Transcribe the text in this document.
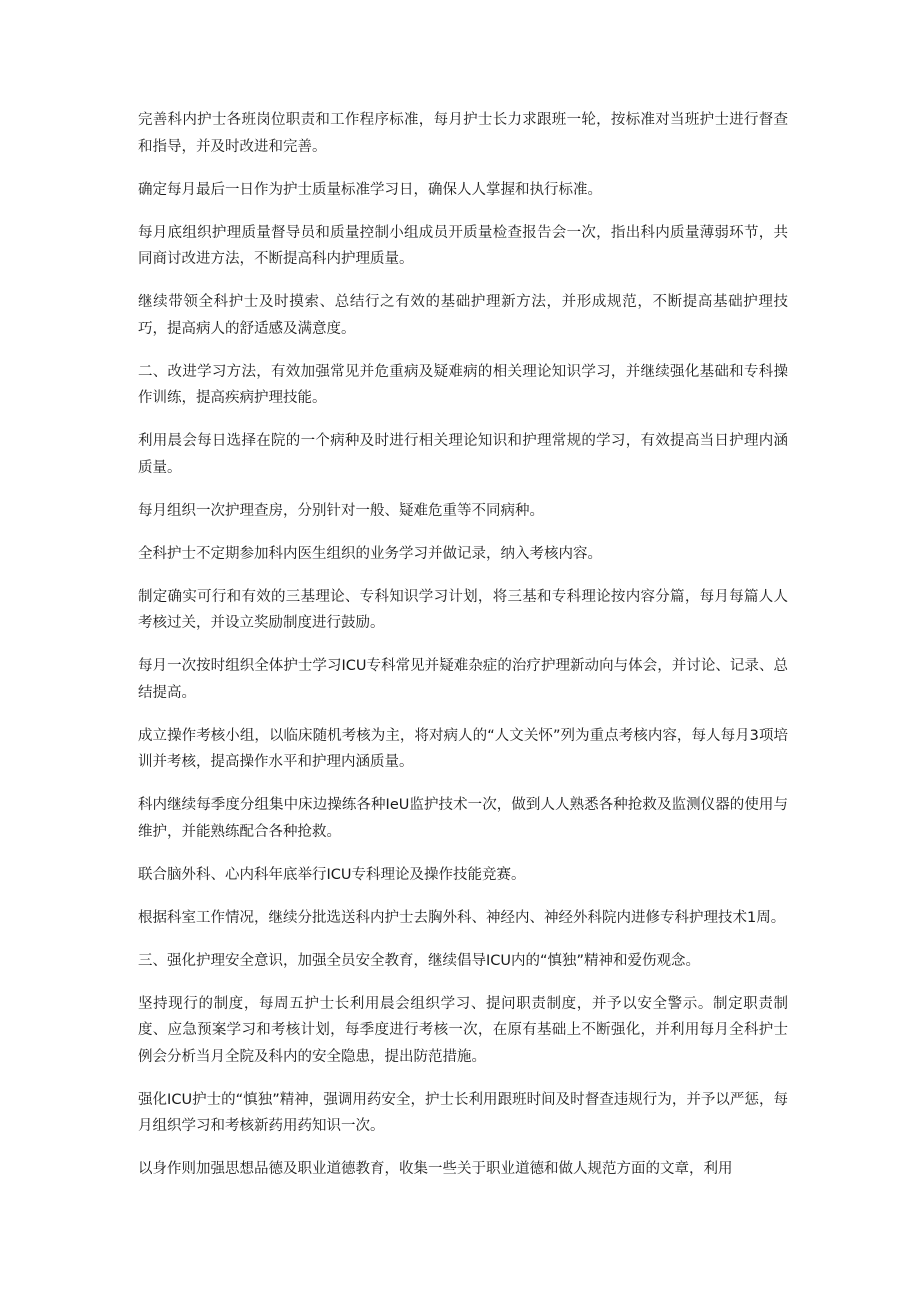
完善科内护士各班岗位职责和工作程序标准，每月护士长力求跟班一轮，按标准对当班护士进行督查和指导，并及时改进和完善。

确定每月最后一日作为护士质量标准学习日，确保人人掌握和执行标准。

每月底组织护理质量督导员和质量控制小组成员开质量检查报告会一次，指出科内质量薄弱环节，共同商讨改进方法，不断提高科内护理质量。

继续带领全科护士及时摸索、总结行之有效的基础护理新方法，并形成规范，不断提高基础护理技巧，提高病人的舒适感及满意度。

二、改进学习方法，有效加强常见并危重病及疑难病的相关理论知识学习，并继续强化基础和专科操作训练，提高疾病护理技能。

利用晨会每日选择在院的一个病种及时进行相关理论知识和护理常规的学习，有效提高当日护理内涵质量。

每月组织一次护理查房，分别针对一般、疑难危重等不同病种。

全科护士不定期参加科内医生组织的业务学习并做记录，纳入考核内容。

制定确实可行和有效的三基理论、专科知识学习计划，将三基和专科理论按内容分篇，每月每篇人人考核过关，并设立奖励制度进行鼓励。

每月一次按时组织全体护士学习ICU专科常见并疑难杂症的治疗护理新动向与体会，并讨论、记录、总结提高。

成立操作考核小组，以临床随机考核为主，将对病人的“人文关怀”列为重点考核内容，每人每月3项培训并考核，提高操作水平和护理内涵质量。

科内继续每季度分组集中床边操练各种IeU监护技术一次，做到人人熟悉各种抢救及监测仪器的使用与维护，并能熟练配合各种抢救。

联合脑外科、心内科年底举行ICU专科理论及操作技能竞赛。

根据科室工作情况，继续分批选送科内护士去胸外科、神经内、神经外科院内进修专科护理技术1周。

三、强化护理安全意识，加强全员安全教育，继续倡导ICU内的“慎独”精神和爱伤观念。

坚持现行的制度，每周五护士长利用晨会组织学习、提问职责制度，并予以安全警示。制定职责制度、应急预案学习和考核计划，每季度进行考核一次，在原有基础上不断强化，并利用每月全科护士例会分析当月全院及科内的安全隐患，提出防范措施。

强化ICU护士的“慎独”精神，强调用药安全，护士长利用跟班时间及时督查违规行为，并予以严惩，每月组织学习和考核新药用药知识一次。

以身作则加强思想品德及职业道德教育，收集一些关于职业道德和做人规范方面的文章，利用
